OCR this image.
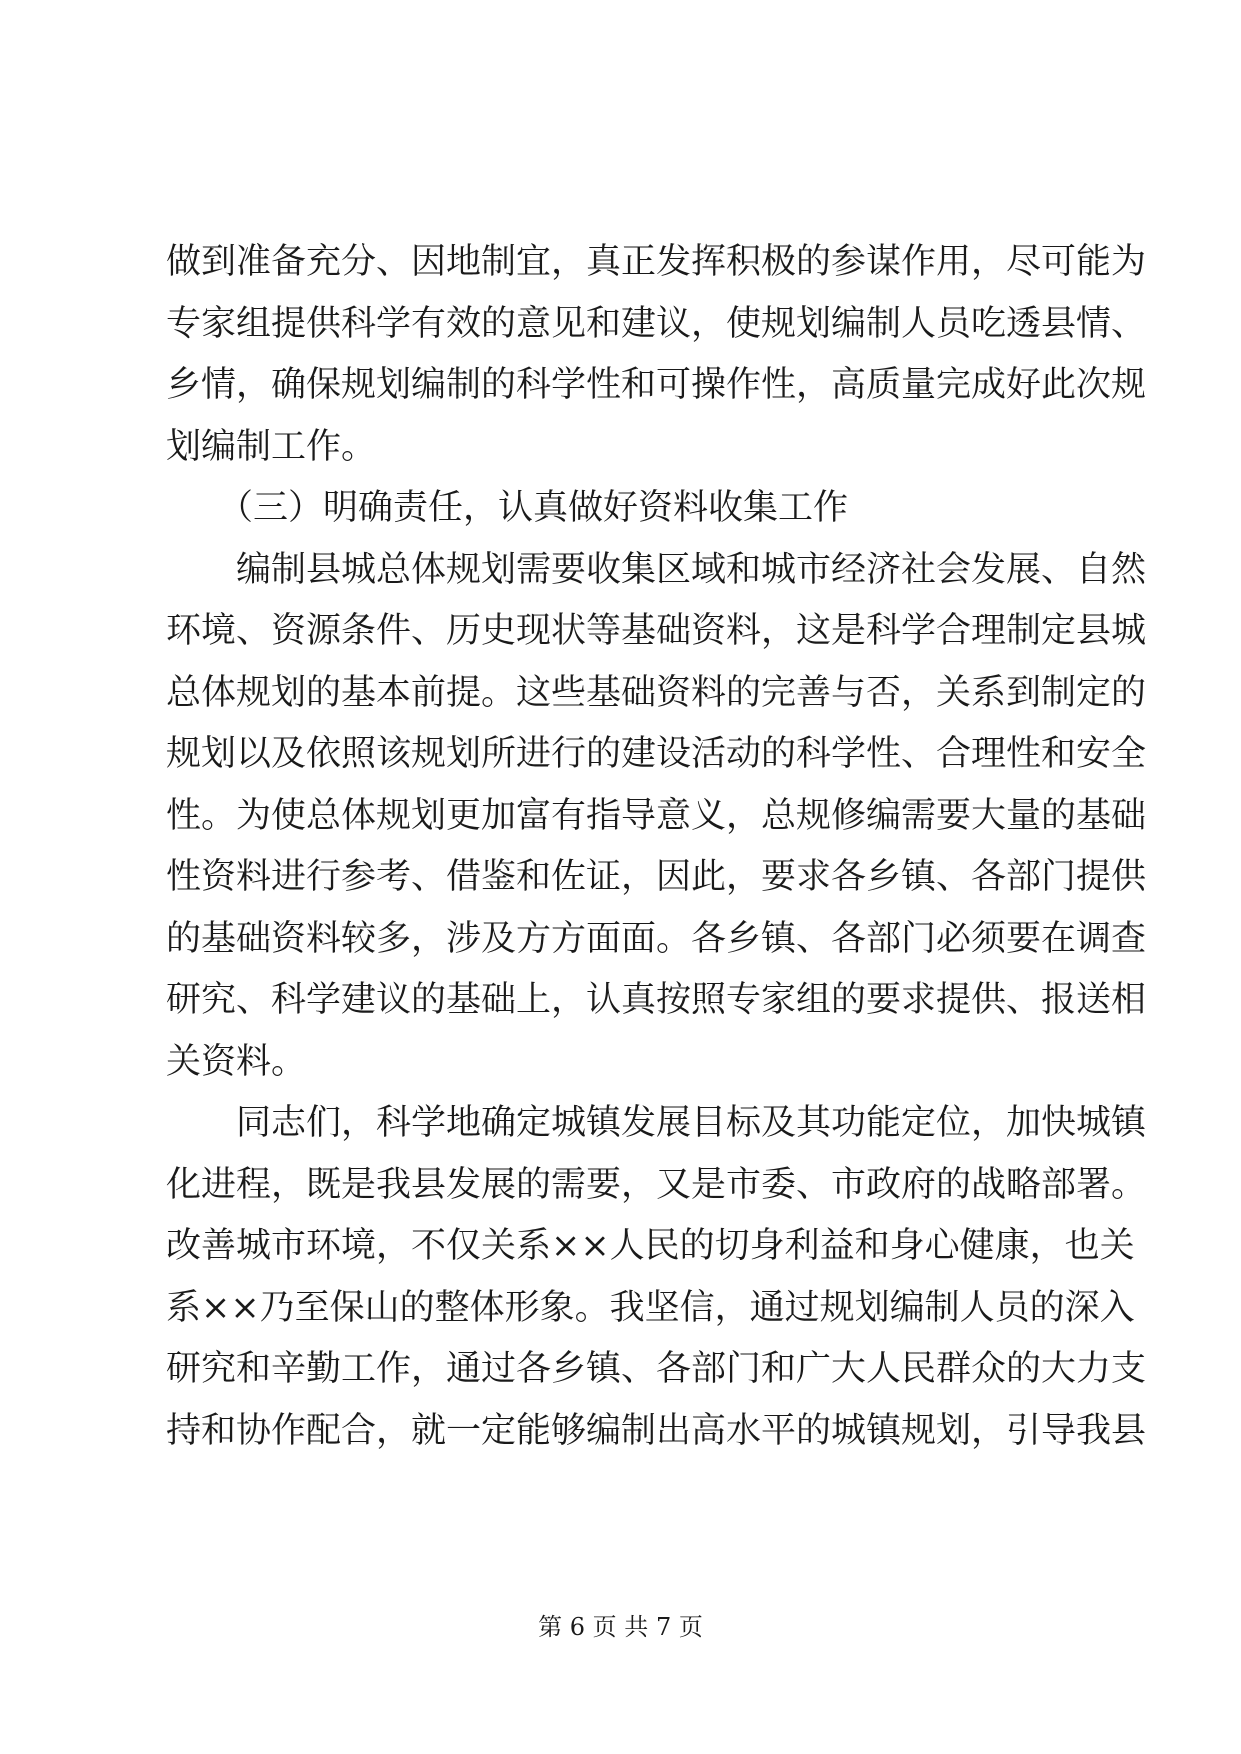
做到准备充分、因地制宜，真正发挥积极的参谋作用，尽可能为
专家组提供科学有效的意见和建议，使规划编制人员吃透县情、
乡情，确保规划编制的科学性和可操作性，高质量完成好此次规
划编制工作。
（三）明确责任，认真做好资料收集工作
编制县城总体规划需要收集区域和城市经济社会发展、自然
环境、资源条件、历史现状等基础资料，这是科学合理制定县城
总体规划的基本前提。这些基础资料的完善与否，关系到制定的
规划以及依照该规划所进行的建设活动的科学性、合理性和安全
性。为使总体规划更加富有指导意义，总规修编需要大量的基础
性资料进行参考、借鉴和佐证，因此，要求各乡镇、各部门提供
的基础资料较多，涉及方方面面。各乡镇、各部门必须要在调查
研究、科学建议的基础上，认真按照专家组的要求提供、报送相
关资料。
同志们，科学地确定城镇发展目标及其功能定位，加快城镇
化进程，既是我县发展的需要，又是市委、市政府的战略部署。
改善城市环境，不仅关系××人民的切身利益和身心健康，也关
系××乃至保山的整体形象。我坚信，通过规划编制人员的深入
研究和辛勤工作，通过各乡镇、各部门和广大人民群众的大力支
持和协作配合，就一定能够编制出高水平的城镇规划，引导我县
第 6 页 共 7 页
